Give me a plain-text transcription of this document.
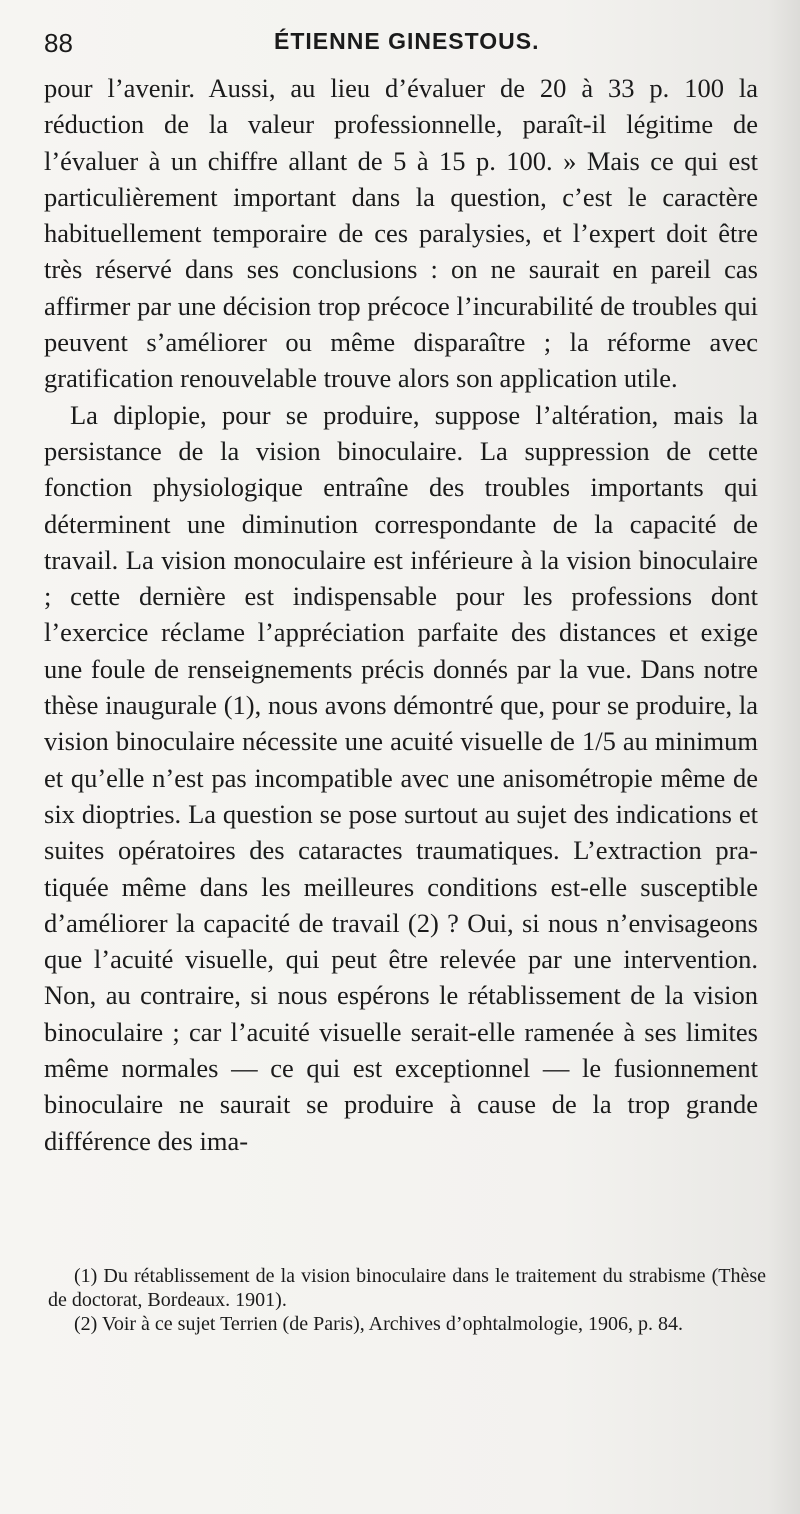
88	ÉTIENNE GINESTOUS.

pour l’avenir. Aussi, au lieu d’évaluer de 20 à 33 p. 100 la réduction de la valeur professionnelle, paraît-il légitime de l’évaluer à un chiffre allant de 5 à 15 p. 100. » Mais ce qui est particulièrement important dans la question, c’est le caractère habituellement temporaire de ces paralysies, et l’expert doit être très réservé dans ses conclusions : on ne saurait en pareil cas affirmer par une décision trop précoce l’incurabilité de troubles qui peuvent s’améliorer ou même disparaître ; la réforme avec gratification renouvelable trouve alors son application utile.

La diplopie, pour se produire, suppose l’altération, mais la persistance de la vision binoculaire. La suppression de cette fonction physiologique entraîne des troubles importants qui déterminent une diminution correspondante de la capacité de travail. La vision monoculaire est inférieure à la vision binoculaire ; cette dernière est indispensable pour les professions dont l’exercice réclame l’appréciation parfaite des distances et exige une foule de renseignements précis donnés par la vue. Dans notre thèse inaugurale (1), nous avons démontré que, pour se produire, la vision binoculaire nécessite une acuité visuelle de 1/5 au minimum et qu’elle n’est pas incompatible avec une anisométropie même de six dioptries. La question se pose surtout au sujet des indications et suites opératoires des cataractes traumatiques. L’extraction pratiquée même dans les meilleures conditions est-elle susceptible d’améliorer la capacité de travail (2) ? Oui, si nous n’envisageons que l’acuité visuelle, qui peut être relevée par une intervention. Non, au contraire, si nous espérons le rétablissement de la vision binoculaire ; car l’acuité visuelle serait-elle ramenée à ses limites même normales — ce qui est exceptionnel — le fusionnement binoculaire ne saurait se produire à cause de la trop grande différence des ima-

(1) Du rétablissement de la vision binoculaire dans le traitement du strabisme (Thèse de doctorat, Bordeaux. 1901).

(2) Voir à ce sujet Terrien (de Paris), Archives d’ophtalmologie, 1906, p. 84.
